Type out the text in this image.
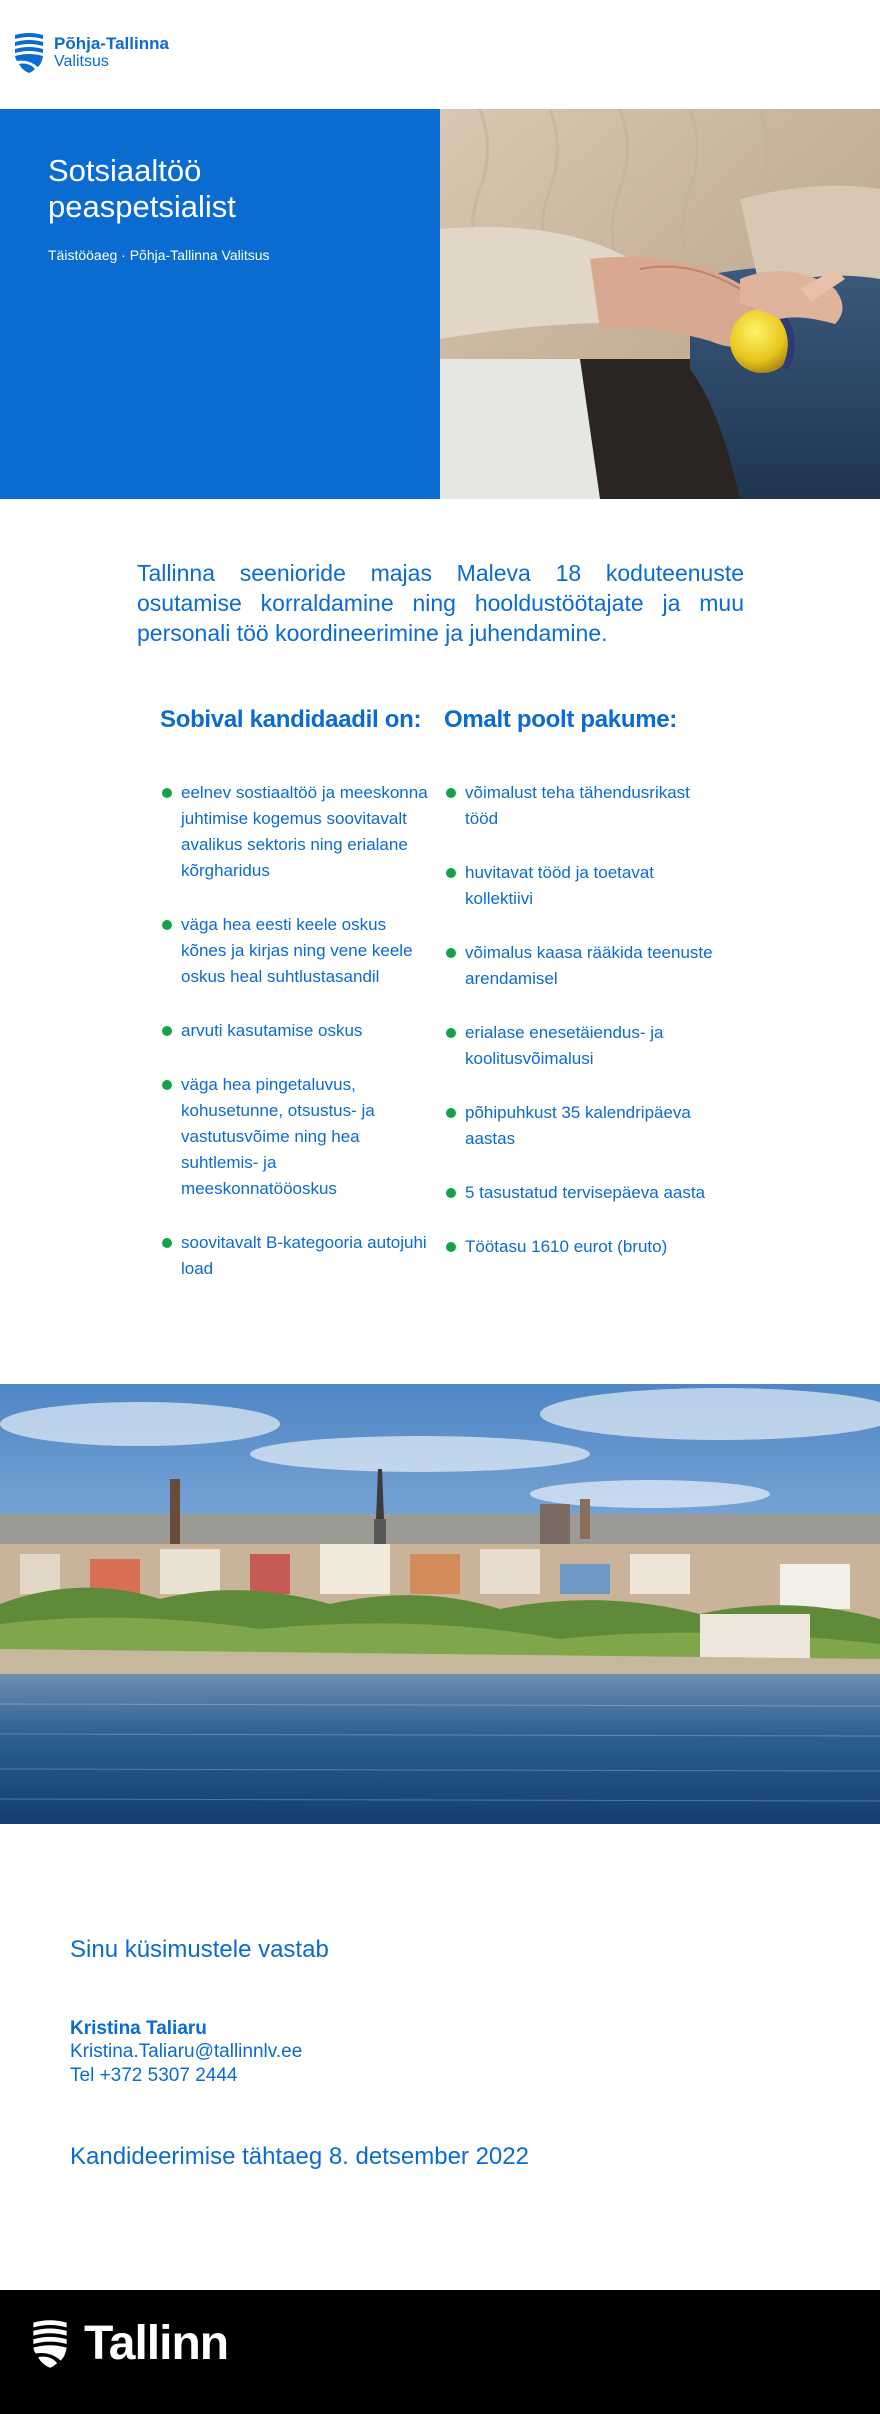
Põhja-Tallinna
Valitsus
Sotsiaaltöö
peaspetsialist
Täistööaeg · Põhja-Tallinna Valitsus

Tallinna seenioride majas Maleva 18 koduteenuste osutamise korraldamine ning hooldustöötajate ja muu personali töö koordineerimine ja juhendamine.

Sobival kandidaadil on:
eelnev sostiaaltöö ja meeskonna juhtimise kogemus soovitavalt avalikus sektoris ning erialane kõrgharidus
väga hea eesti keele oskus kõnes ja kirjas ning vene keele oskus heal suhtlustasandil
arvuti kasutamise oskus
väga hea pingetaluvus, kohusetunne, otsustus- ja vastutusvõime ning hea suhtlemis- ja meeskonnatööoskus
soovitavalt B-kategooria autojuhi load
Omalt poolt pakume:
võimalust teha tähendusrikast tööd
huvitavat tööd ja toetavat kollektiivi
võimalus kaasa rääkida teenuste arendamisel
erialase enesetäiendus- ja koolitusvõimalusi
põhipuhkust 35 kalendripäeva aastas
5 tasustatud tervisepäeva aasta
Töötasu 1610 eurot (bruto)
Sinu küsimustele vastab
Kristina Taliaru
Kristina.Taliaru@tallinnlv.ee
Tel +372 5307 2444
Kandideerimise tähtaeg 8. detsember 2022
Tallinn
